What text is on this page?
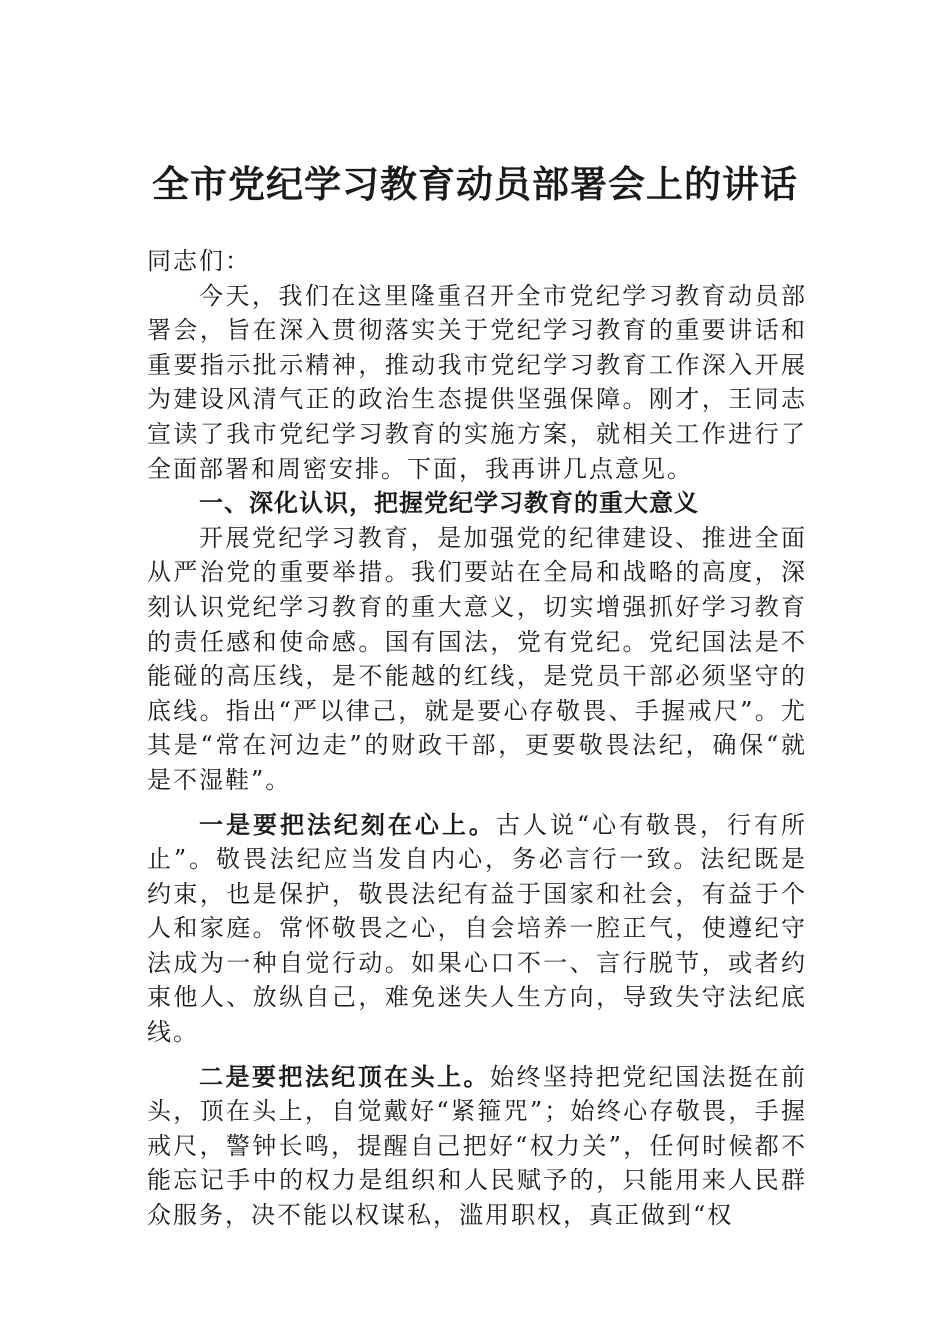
全市党纪学习教育动员部署会上的讲话

同志们：

今天，我们在这里隆重召开全市党纪学习教育动员部署会，旨在深入贯彻落实关于党纪学习教育的重要讲话和重要指示批示精神，推动我市党纪学习教育工作深入开展为建设风清气正的政治生态提供坚强保障。刚才，王同志宣读了我市党纪学习教育的实施方案，就相关工作进行了全面部署和周密安排。下面，我再讲几点意见。

一、深化认识，把握党纪学习教育的重大意义

开展党纪学习教育，是加强党的纪律建设、推进全面从严治党的重要举措。我们要站在全局和战略的高度，深刻认识党纪学习教育的重大意义，切实增强抓好学习教育的责任感和使命感。国有国法，党有党纪。党纪国法是不能碰的高压线，是不能越的红线，是党员干部必须坚守的底线。指出“严以律己，就是要心存敬畏、手握戒尺”。尤其是“常在河边走”的财政干部，更要敬畏法纪，确保“就是不湿鞋”。

一是要把法纪刻在心上。古人说“心有敬畏，行有所止”。敬畏法纪应当发自内心，务必言行一致。法纪既是约束，也是保护，敬畏法纪有益于国家和社会，有益于个人和家庭。常怀敬畏之心，自会培养一腔正气，使遵纪守法成为一种自觉行动。如果心口不一、言行脱节，或者约束他人、放纵自己，难免迷失人生方向，导致失守法纪底线。

二是要把法纪顶在头上。始终坚持把党纪国法挺在前头，顶在头上，自觉戴好“紧箍咒”；始终心存敬畏，手握戒尺，警钟长鸣，提醒自己把好“权力关”，任何时候都不能忘记手中的权力是组织和人民赋予的，只能用来人民群众服务，决不能以权谋私，滥用职权，真正做到“权
